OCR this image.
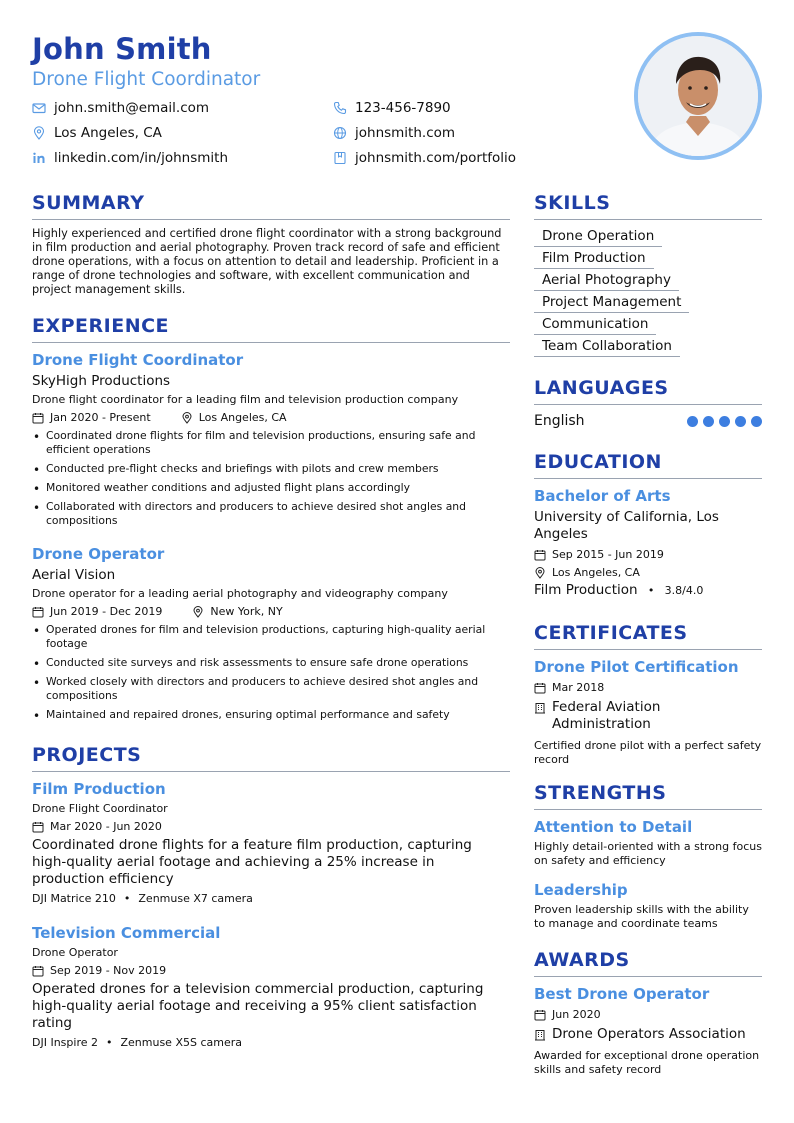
John Smith
Drone Flight Coordinator
john.smith@email.com	123-456-7890
Los Angeles, CA	johnsmith.com
linkedin.com/in/johnsmith	johnsmith.com/portfolio
SUMMARY
Highly experienced and certified drone flight coordinator with a strong background in film production and aerial photography. Proven track record of safe and efficient drone operations, with a focus on attention to detail and leadership. Proficient in a range of drone technologies and software, with excellent communication and project management skills.
EXPERIENCE
Drone Flight Coordinator
SkyHigh Productions
Drone flight coordinator for a leading film and television production company
Jan 2020 - Present	Los Angeles, CA
• Coordinated drone flights for film and television productions, ensuring safe and efficient operations
• Conducted pre-flight checks and briefings with pilots and crew members
• Monitored weather conditions and adjusted flight plans accordingly
• Collaborated with directors and producers to achieve desired shot angles and compositions
Drone Operator
Aerial Vision
Drone operator for a leading aerial photography and videography company
Jun 2019 - Dec 2019	New York, NY
• Operated drones for film and television productions, capturing high-quality aerial footage
• Conducted site surveys and risk assessments to ensure safe drone operations
• Worked closely with directors and producers to achieve desired shot angles and compositions
• Maintained and repaired drones, ensuring optimal performance and safety
PROJECTS
Film Production
Drone Flight Coordinator
Mar 2020 - Jun 2020
Coordinated drone flights for a feature film production, capturing high-quality aerial footage and achieving a 25% increase in production efficiency
DJI Matrice 210 • Zenmuse X7 camera
Television Commercial
Drone Operator
Sep 2019 - Nov 2019
Operated drones for a television commercial production, capturing high-quality aerial footage and receiving a 95% client satisfaction rating
DJI Inspire 2 • Zenmuse X5S camera
SKILLS
Drone Operation
Film Production
Aerial Photography
Project Management
Communication
Team Collaboration
LANGUAGES
English
EDUCATION
Bachelor of Arts
University of California, Los Angeles
Sep 2015 - Jun 2019
Los Angeles, CA
Film Production • 3.8/4.0
CERTIFICATES
Drone Pilot Certification
Mar 2018
Federal Aviation Administration
Certified drone pilot with a perfect safety record
STRENGTHS
Attention to Detail
Highly detail-oriented with a strong focus on safety and efficiency
Leadership
Proven leadership skills with the ability to manage and coordinate teams
AWARDS
Best Drone Operator
Jun 2020
Drone Operators Association
Awarded for exceptional drone operation skills and safety record
